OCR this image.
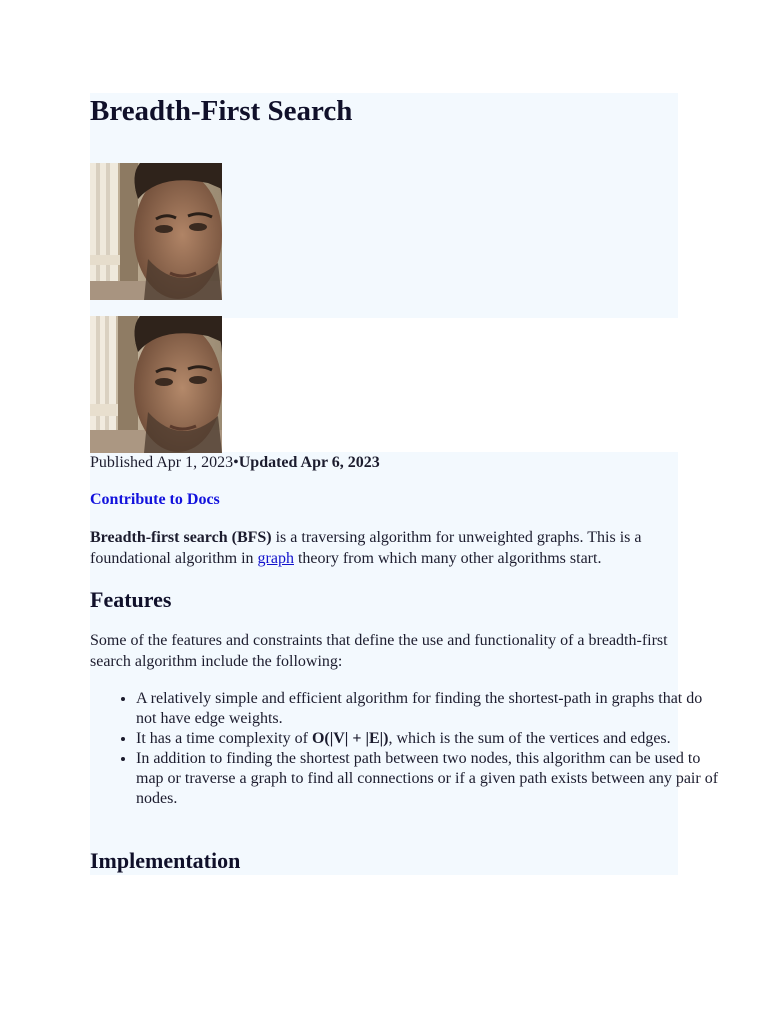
Breadth-First Search

Published Apr 1, 2023•Updated Apr 6, 2023

Contribute to Docs

Breadth-first search (BFS) is a traversing algorithm for unweighted graphs. This is a foundational algorithm in graph theory from which many other algorithms start.

Features

Some of the features and constraints that define the use and functionality of a breadth-first search algorithm include the following:

• A relatively simple and efficient algorithm for finding the shortest-path in graphs that do not have edge weights.
• It has a time complexity of O(|V| + |E|), which is the sum of the vertices and edges.
• In addition to finding the shortest path between two nodes, this algorithm can be used to map or traverse a graph to find all connections or if a given path exists between any pair of nodes.
Implementation
